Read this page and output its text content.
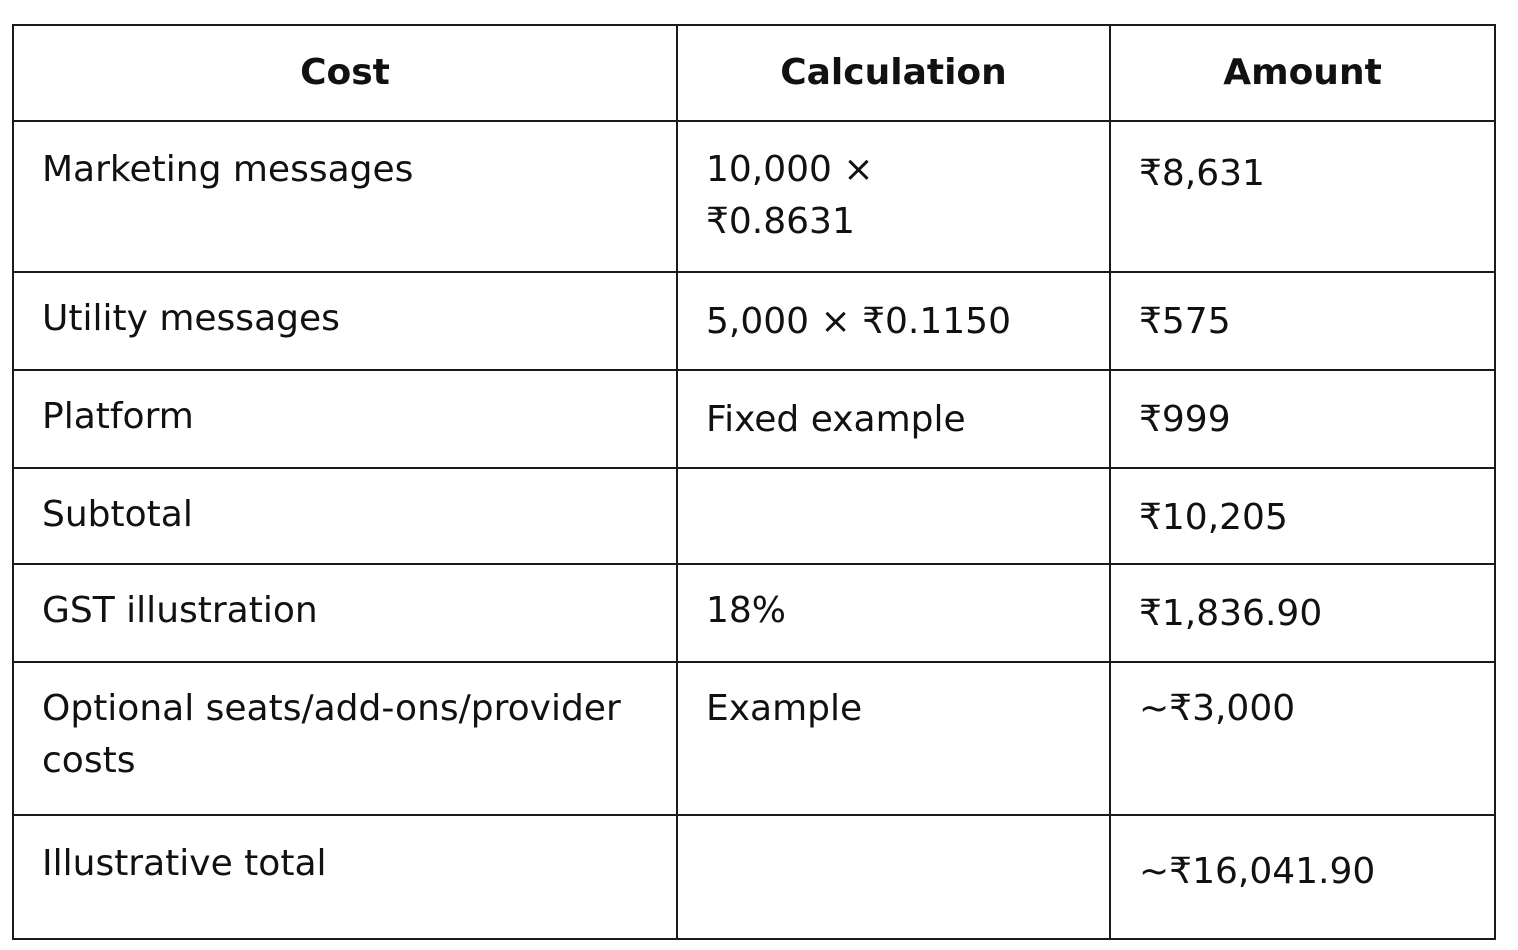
Cost	Calculation	Amount
Marketing messages	10,000 × ₹0.8631	₹8,631
Utility messages	5,000 × ₹0.1150	₹575
Platform	Fixed example	₹999
Subtotal		₹10,205
GST illustration	18%	₹1,836.90
Optional seats/add-ons/provider costs	Example	~₹3,000
Illustrative total		~₹16,041.90
